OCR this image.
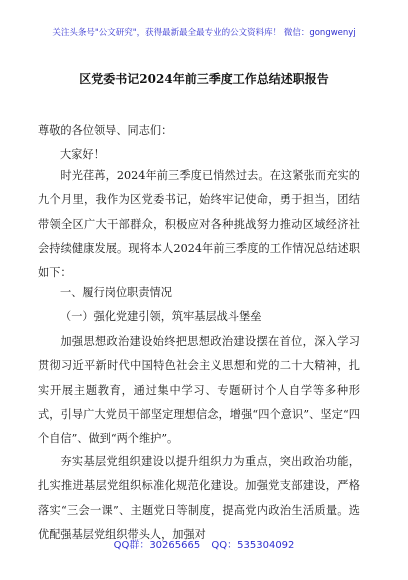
关注头条号"公文研究"，获得最新最全最专业的公文资料库！ 微信：gongwenyj
区党委书记2024年前三季度工作总结述职报告
尊敬的各位领导、同志们：
大家好！

时光荏苒，2024年前三季度已悄然过去。在这紧张而充实的九个月里，我作为区党委书记，始终牢记使命，勇于担当，团结带领全区广大干部群众，积极应对各种挑战努力推动区域经济社会持续健康发展。现将本人2024年前三季度的工作情况总结述职如下：

一、履行岗位职责情况
（一）强化党建引领，筑牢基层战斗堡垒

加强思想政治建设始终把思想政治建设摆在首位，深入学习贯彻习近平新时代中国特色社会主义思想和党的二十大精神，扎实开展主题教育，通过集中学习、专题研讨个人自学等多种形式，引导广大党员干部坚定理想信念，增强“四个意识”、坚定“四个自信”、做到“两个维护”。

夯实基层党组织建设以提升组织力为重点，突出政治功能，扎实推进基层党组织标准化规范化建设。加强党支部建设，严格落实“三会一课”、主题党日等制度，提高党内政治生活质量。选优配强基层党组织带头人，加强对

QQ群：30265665 QQ：535304092
